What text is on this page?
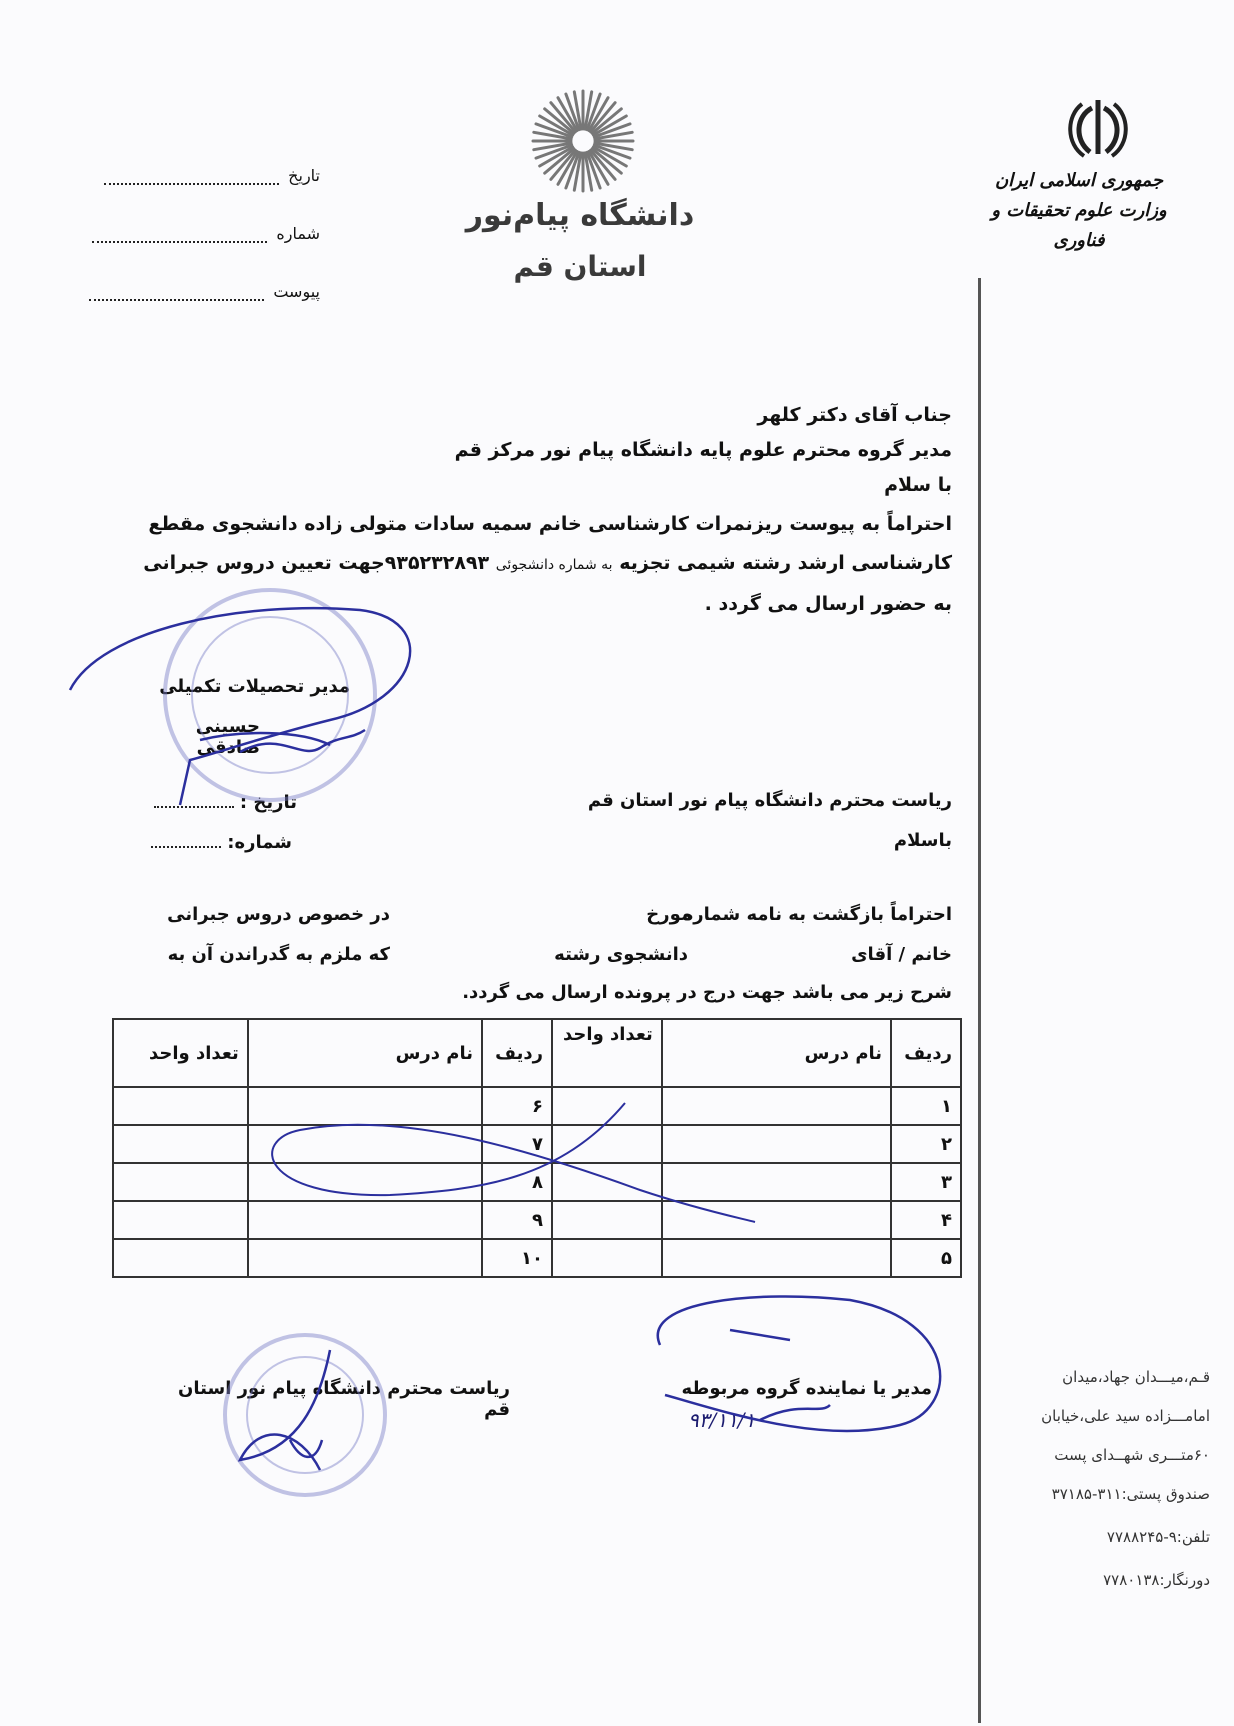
تاریخ
شماره
پیوست
دانشگاه پیام‌نور
استان قم
جمهوری اسلامی ایران
وزارت علوم تحقیقات و فناوری

جناب آقای دکتر کلهر

مدیر گروه محترم علوم پایه دانشگاه پیام نور مرکز قم

با سلام

احتراماً به پیوست ریزنمرات کارشناسی خانم سمیه سادات متولی زاده دانشجوی مقطع

کارشناسی ارشد رشته شیمی تجزیه به شماره دانشجوئی ۹۳۵۲۳۲۸۹۳جهت تعیین دروس جبرانی

به حضور ارسال می گردد .

مدیر تحصیلات تکمیلی
حسینی صادقی
تاریخ :
شماره:
ریاست محترم دانشگاه پیام نور استان قم
باسلام
احتراماً بازگشت به نامه شماره
مورخ
در خصوص دروس جبرانی
خانم / آقای
دانشجوی رشته
که ملزم به گدراندن آن به
شرح زیر می باشد جهت درج در پرونده ارسال می گردد.
ردیف	نام درس	تعداد واحد	ردیف	نام درس	تعداد واحد
۱			۶		
۲			۷		
۳			۸		
۴			۹		
۵			۱۰		
مدیر یا نماینده گروه مربوطه
۹۳/۱۱/۱
ریاست محترم دانشگاه پیام نور استان قم
قـم،میـــدان جهاد،میدان
امامـــزاده سید علی،خیابان
۶۰متـــری شهــدای پست
صندوق پستی:۳۱۱-۳۷۱۸۵
تلفن:۹-۷۷۸۸۲۴۵
دورنگار:۷۷۸۰۱۳۸
